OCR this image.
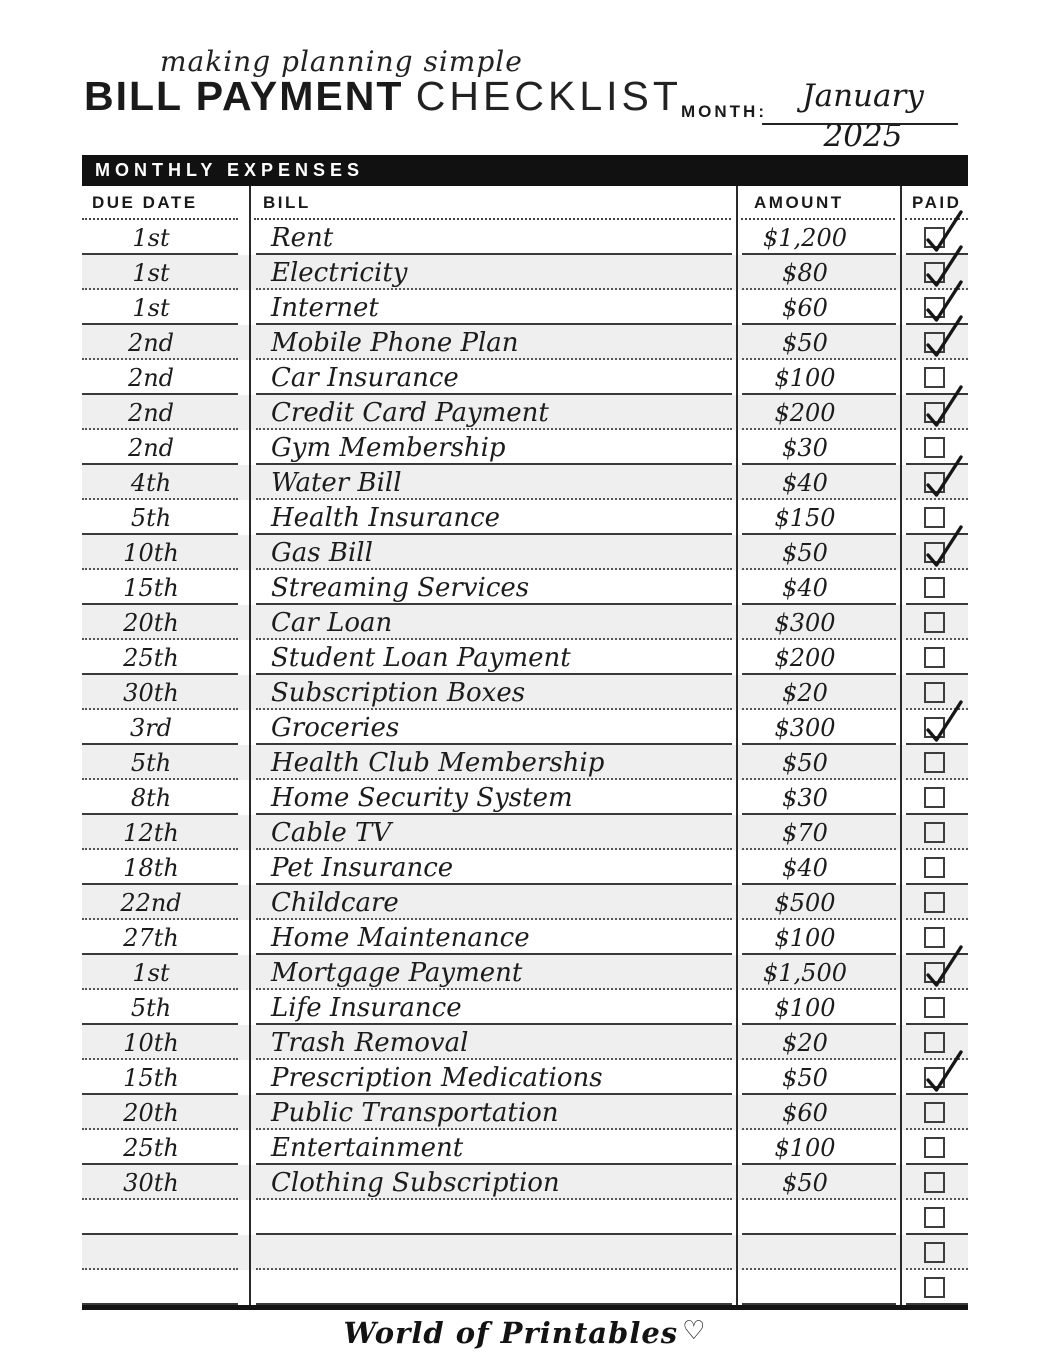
making planning simple
BILL PAYMENT CHECKLIST MONTH:	January 2025
MONTHLY EXPENSES
DUE DATE	BILL	AMOUNT	PAID
1st	Rent	$1,200
1st	Electricity	$80
1st	Internet	$60
2nd	Mobile Phone Plan	$50
2nd	Car Insurance	$100
2nd	Credit Card Payment	$200
2nd	Gym Membership	$30
4th	Water Bill	$40
5th	Health Insurance	$150
10th	Gas Bill	$50
15th	Streaming Services	$40
20th	Car Loan	$300
25th	Student Loan Payment	$200
30th	Subscription Boxes	$20
3rd	Groceries	$300
5th	Health Club Membership	$50
8th	Home Security System	$30
12th	Cable TV	$70
18th	Pet Insurance	$40
22nd	Childcare	$500
27th	Home Maintenance	$100
1st	Mortgage Payment	$1,500
5th	Life Insurance	$100
10th	Trash Removal	$20
15th	Prescription Medications	$50
20th	Public Transportation	$60
25th	Entertainment	$100
30th	Clothing Subscription	$50
World of Printables ♡
